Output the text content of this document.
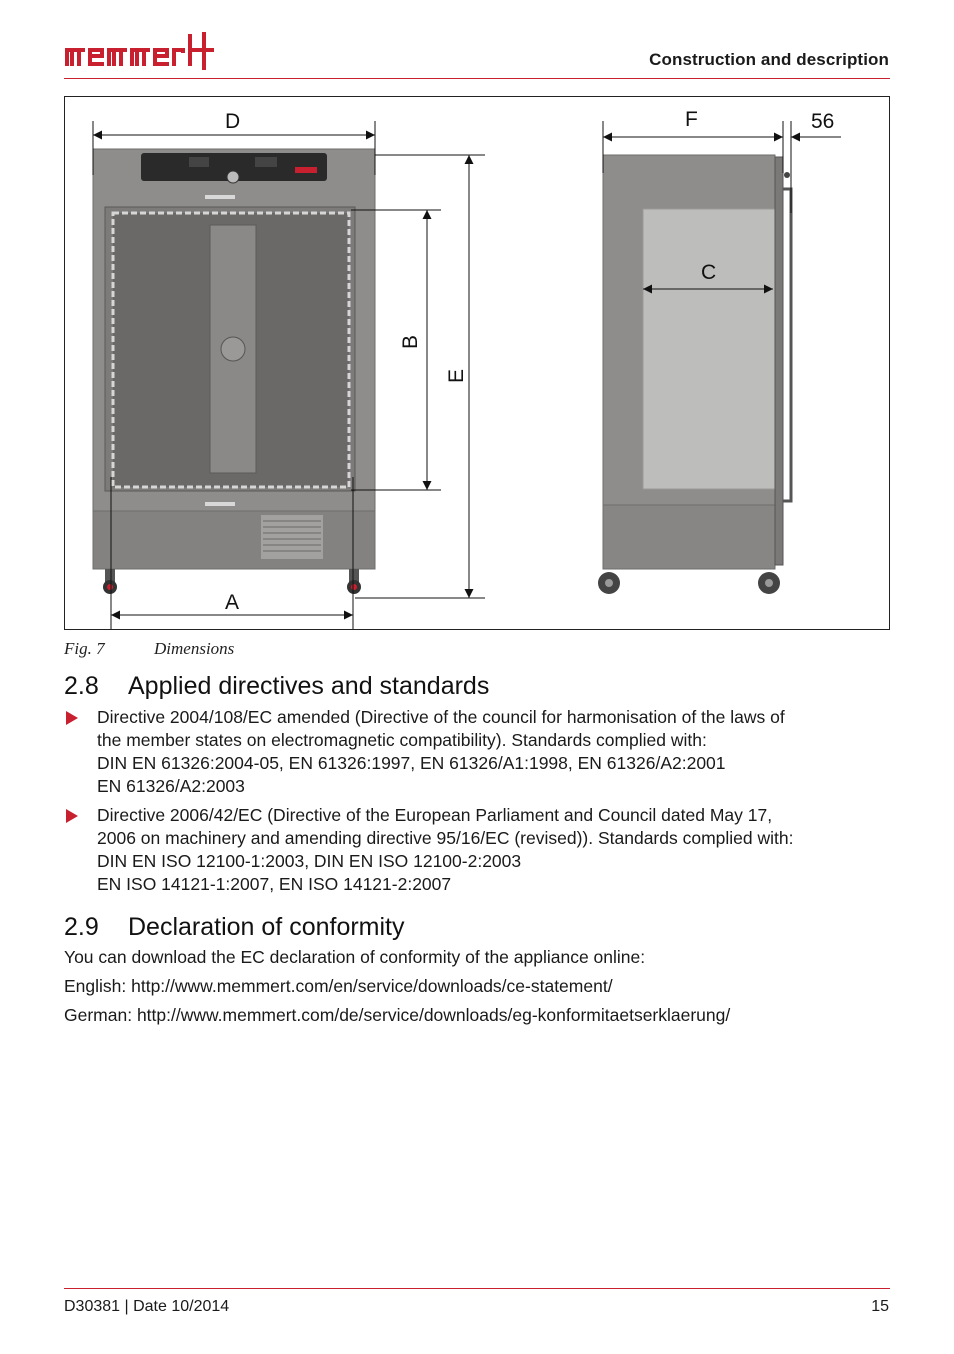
Construction and description
D
A
B
E
F	56
C
Fig. 7	Dimensions
2.8 Applied directives and standards
Directive 2004/108/EC amended (Directive of the council for harmonisation of the laws of
the member states on electromagnetic compatibility). Standards complied with:
DIN EN 61326:2004-05, EN 61326:1997, EN 61326/A1:1998, EN 61326/A2:2001
EN 61326/A2:2003
Directive 2006/42/EC (Directive of the European Parliament and Council dated May 17,
2006 on machinery and amending directive 95/16/EC (revised)). Standards complied with:
DIN EN ISO 12100-1:2003, DIN EN ISO 12100-2:2003
EN ISO 14121-1:2007, EN ISO 14121-2:2007
2.9 Declaration of conformity
You can download the EC declaration of conformity of the appliance online:
English: http://www.memmert.com/en/service/downloads/ce-statement/
German: http://www.memmert.com/de/service/downloads/eg-konformitaetserklaerung/
D30381 | Date 10/2014	15
